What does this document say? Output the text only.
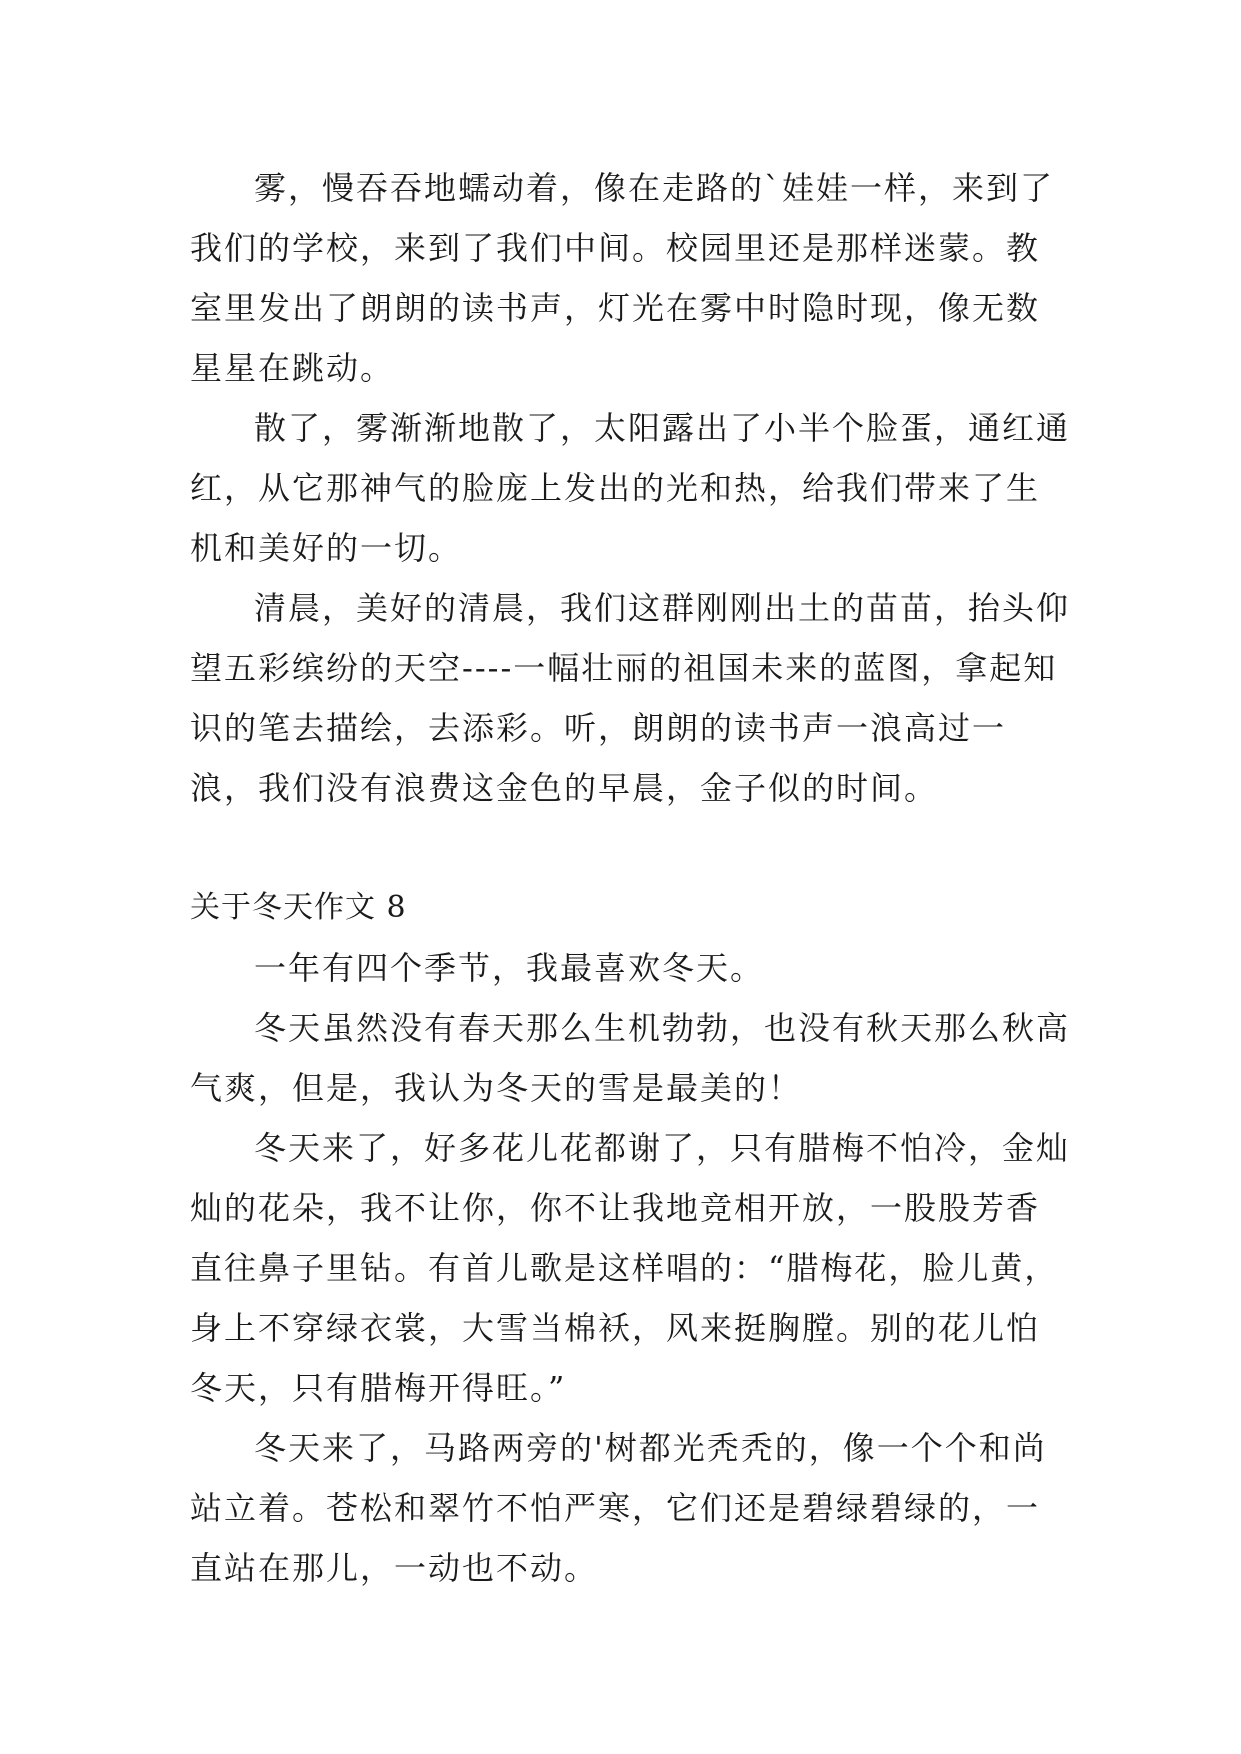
雾，慢吞吞地蠕动着，像在走路的`娃娃一样，来到了我们的学校，来到了我们中间。校园里还是那样迷蒙。教室里发出了朗朗的读书声，灯光在雾中时隐时现，像无数星星在跳动。

散了，雾渐渐地散了，太阳露出了小半个脸蛋，通红通红，从它那神气的脸庞上发出的光和热，给我们带来了生机和美好的一切。

清晨，美好的清晨，我们这群刚刚出土的苗苗，抬头仰望五彩缤纷的天空----一幅壮丽的祖国未来的蓝图，拿起知识的笔去描绘，去添彩。听，朗朗的读书声一浪高过一浪，我们没有浪费这金色的早晨，金子似的时间。

关于冬天作文 8

一年有四个季节，我最喜欢冬天。

冬天虽然没有春天那么生机勃勃，也没有秋天那么秋高气爽，但是，我认为冬天的雪是最美的！

冬天来了，好多花儿花都谢了，只有腊梅不怕冷，金灿灿的花朵，我不让你，你不让我地竞相开放，一股股芳香直往鼻子里钻。有首儿歌是这样唱的：“腊梅花，脸儿黄，身上不穿绿衣裳，大雪当棉袄，风来挺胸膛。别的花儿怕冬天，只有腊梅开得旺。”

冬天来了，马路两旁的'树都光秃秃的，像一个个和尚站立着。苍松和翠竹不怕严寒，它们还是碧绿碧绿的，一直站在那儿，一动也不动。
